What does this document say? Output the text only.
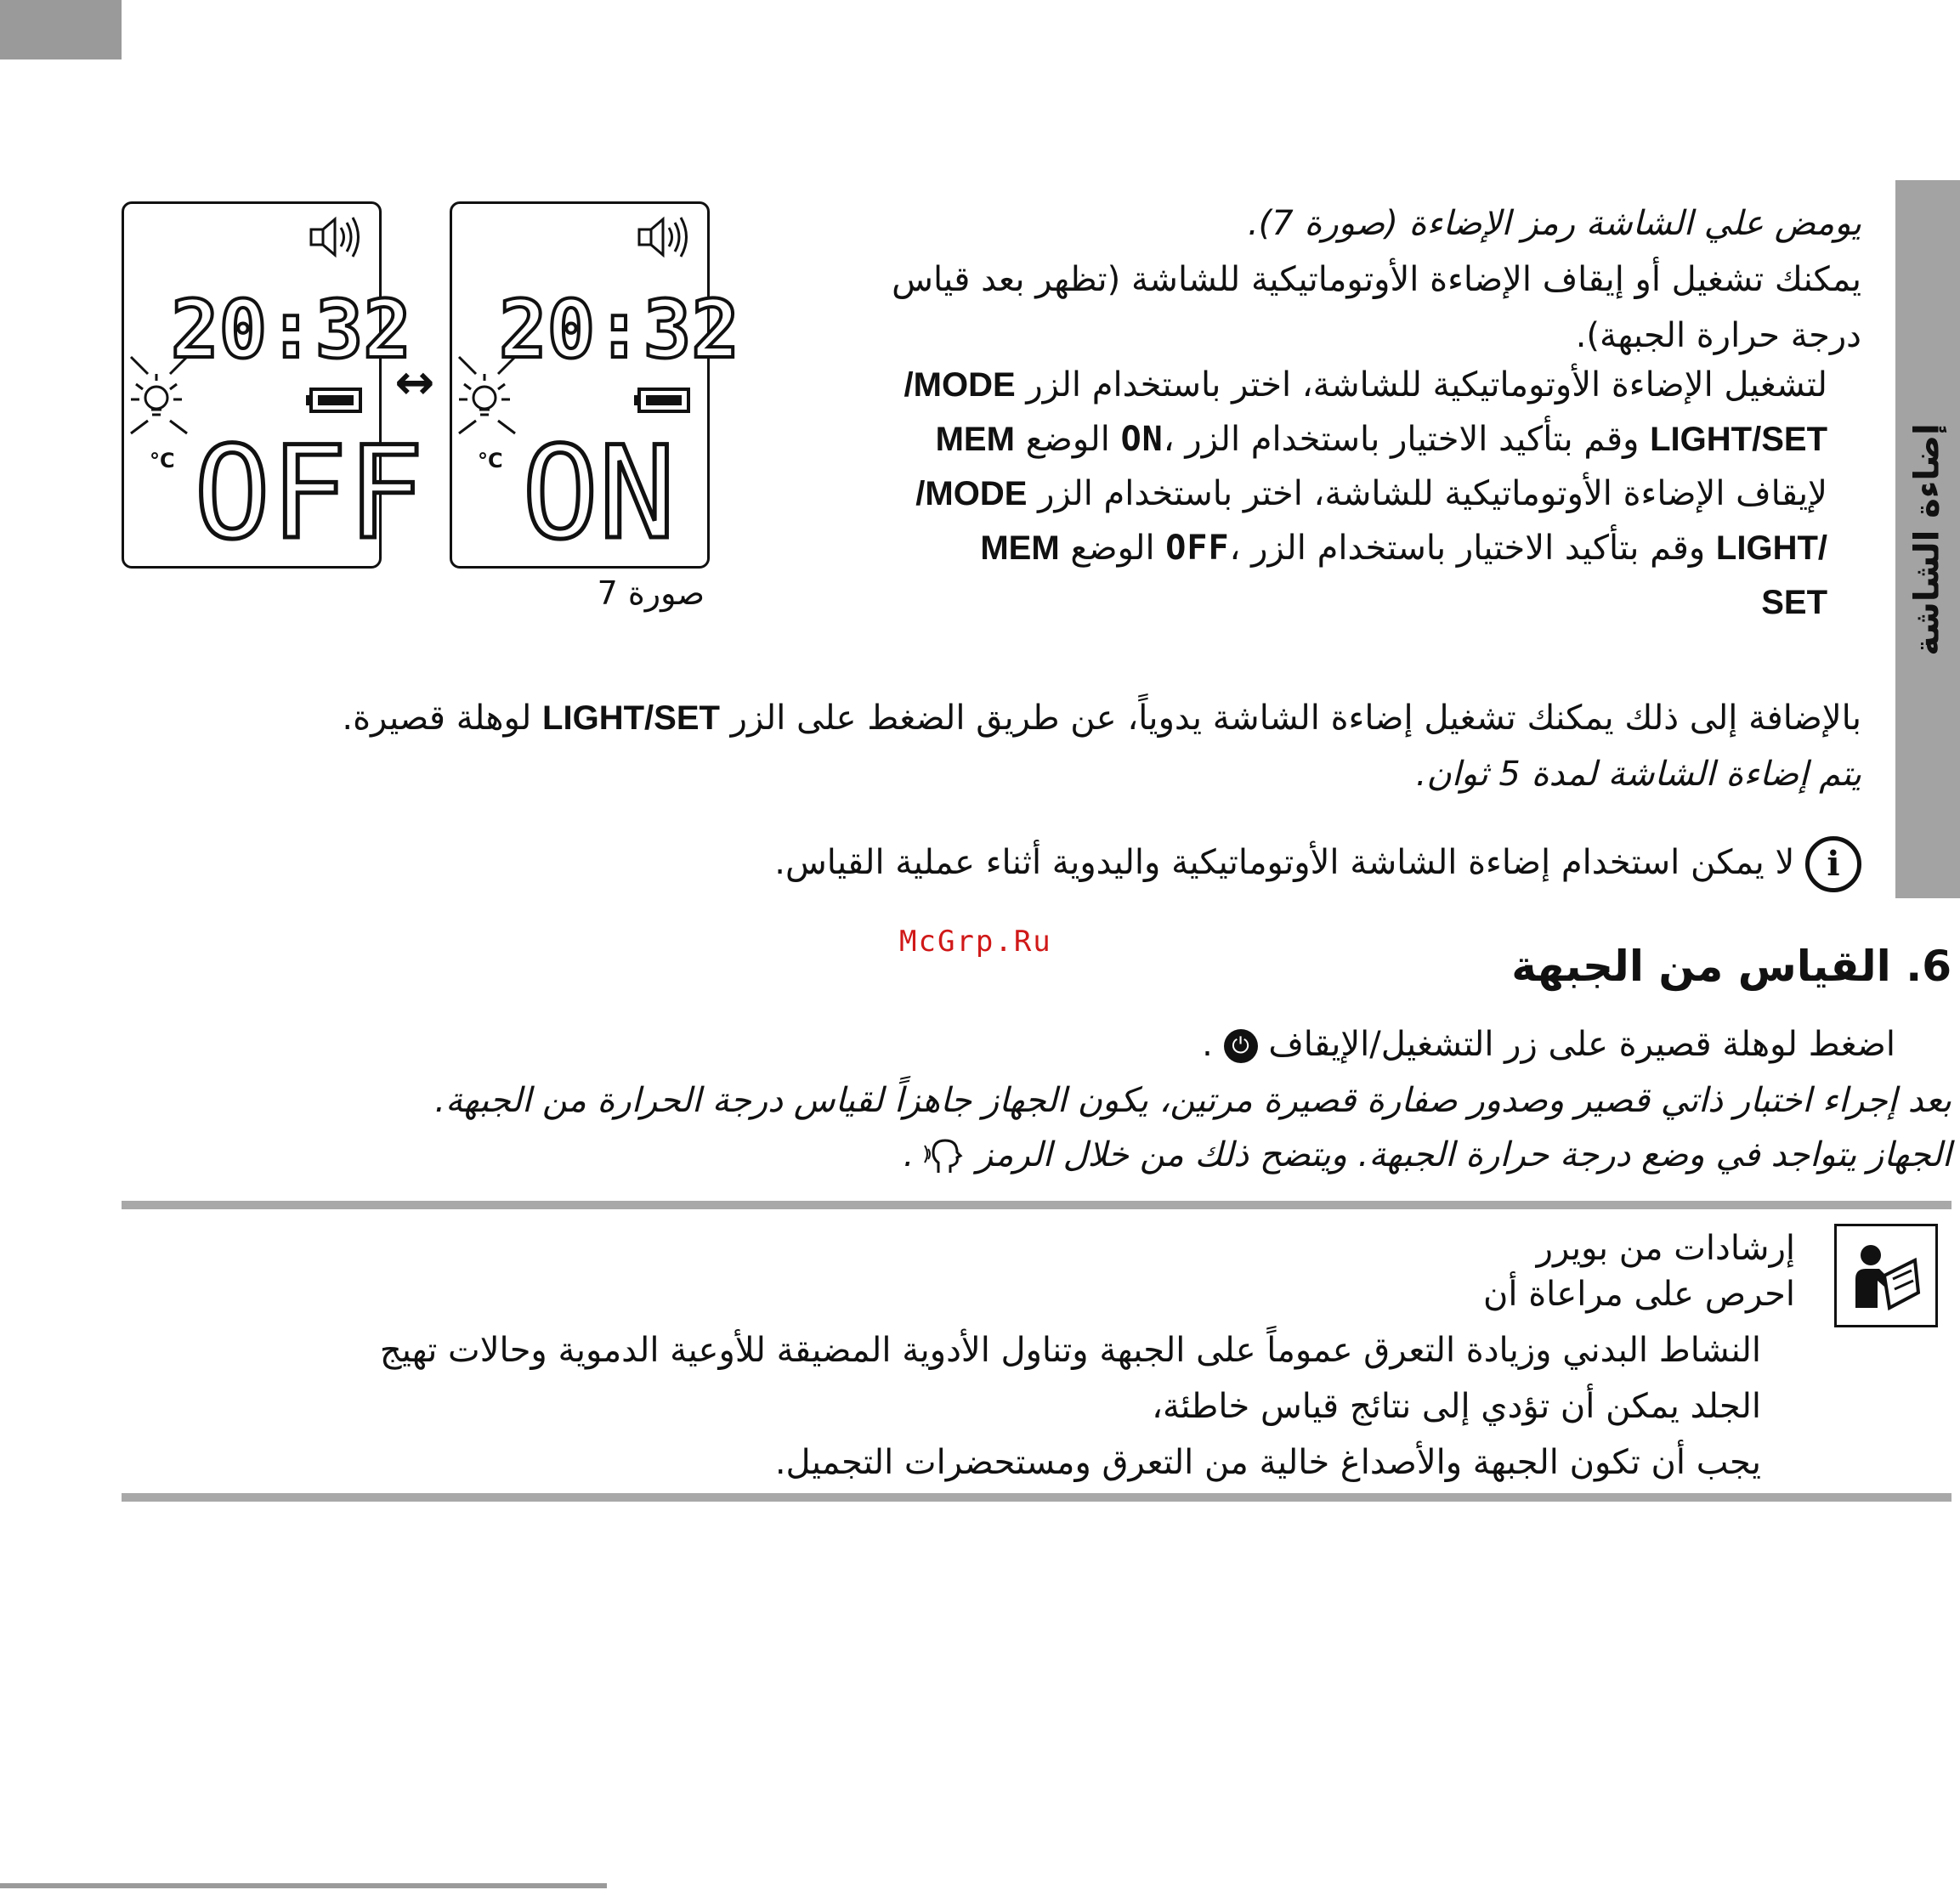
إضاءة الشاشة
20:32
°C OFF
↔
20:32
°C ON
صورة 7
يومض علي الشاشة رمز الإضاءة (صورة 7).
يمكنك تشغيل أو إيقاف الإضاءة الأوتوماتيكية للشاشة (تظهر بعد قياس
درجة حرارة الجبهة).
لتشغيل الإضاءة الأوتوماتيكية للشاشة، اختر باستخدام الزر MODE/
MEM الوضع ON، وقم بتأكيد الاختيار باستخدام الزر LIGHT/SET
لإيقاف الإضاءة الأوتوماتيكية للشاشة، اختر باستخدام الزر MODE/
MEM الوضع OFF، وقم بتأكيد الاختيار باستخدام الزر LIGHT/
SET
بالإضافة إلى ذلك يمكنك تشغيل إضاءة الشاشة يدوياً، عن طريق الضغط على الزر LIGHT/SET لوهلة قصيرة.
يتم إضاءة الشاشة لمدة 5 ثوان.
i لا يمكن استخدام إضاءة الشاشة الأوتوماتيكية واليدوية أثناء عملية القياس.
McGrp.Ru	6. القياس من الجبهة
اضغط لوهلة قصيرة على زر التشغيل/الإيقاف ⏻ .
بعد إجراء اختبار ذاتي قصير وصدور صفارة قصيرة مرتين، يكون الجهاز جاهزاً لقياس درجة الحرارة من الجبهة.
الجهاز يتواجد في وضع درجة حرارة الجبهة. ويتضح ذلك من خلال الرمز  .
إرشادات من بويرر
احرص على مراعاة أن
النشاط البدني وزيادة التعرق عموماً على الجبهة وتناول الأدوية المضيقة للأوعية الدموية وحالات تهيج
الجلد يمكن أن تؤدي إلى نتائج قياس خاطئة،
يجب أن تكون الجبهة والأصداغ خالية من التعرق ومستحضرات التجميل.
